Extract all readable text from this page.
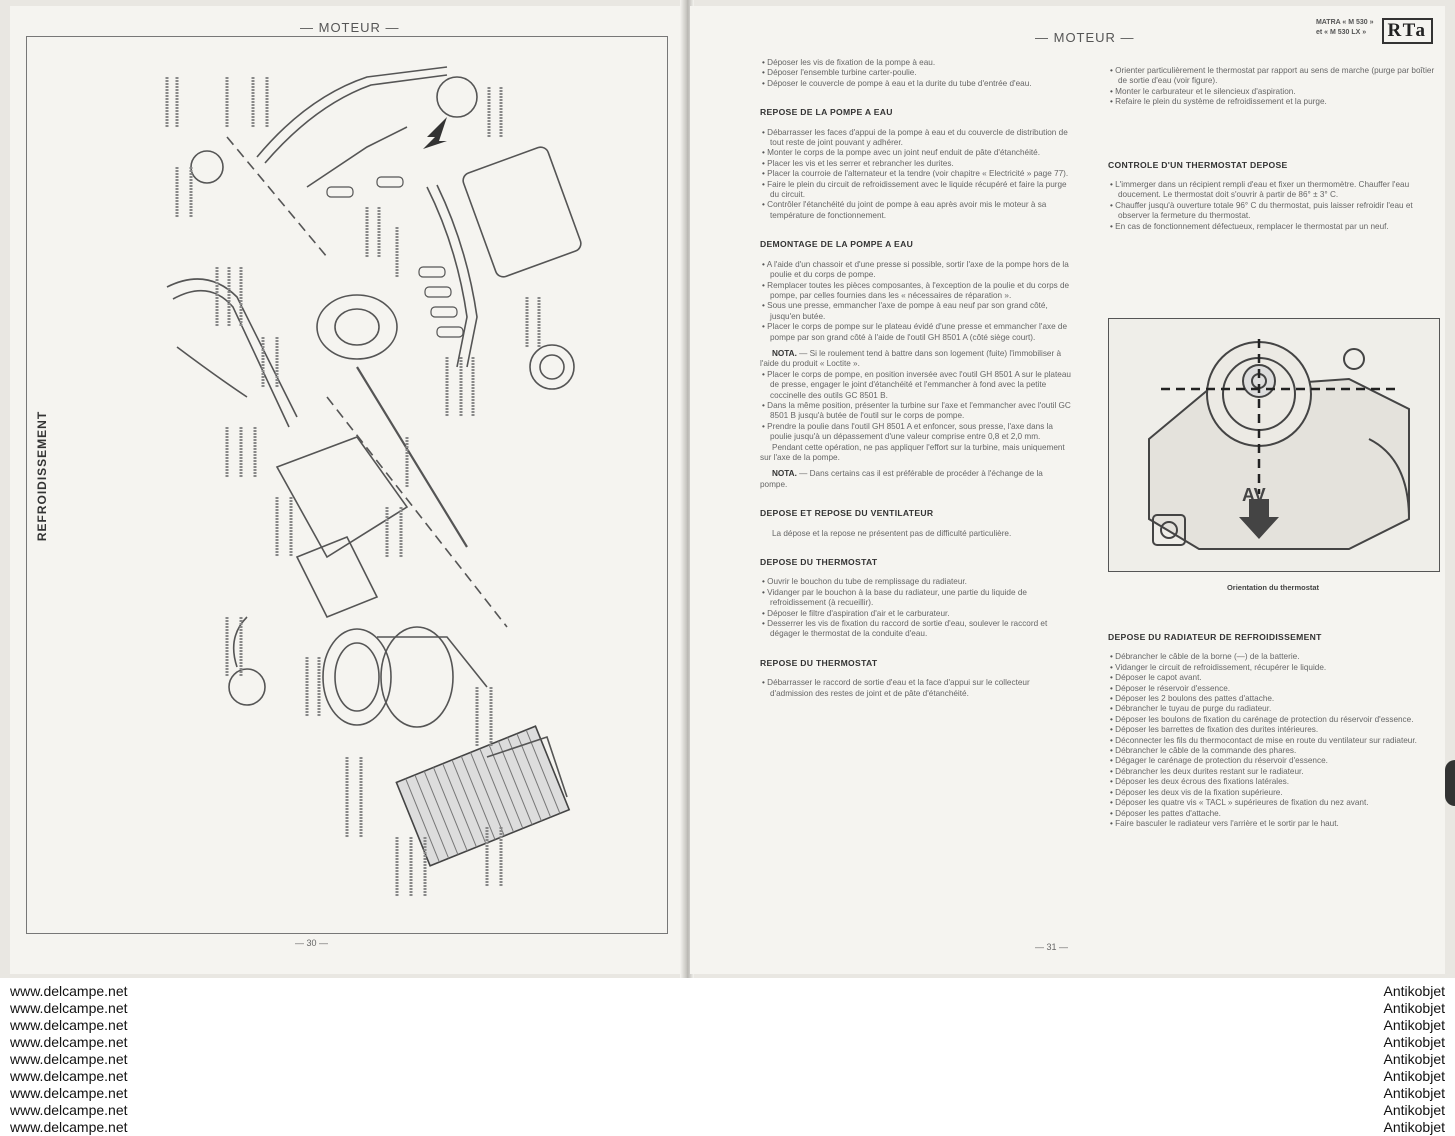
— MOTEUR —
REFROIDISSEMENT
— 30 —
— MOTEUR —
MATRA « M 530 »
et « M 530 LX »	RTa
— 31 —

• Déposer les vis de fixation de la pompe à eau.

• Déposer l'ensemble turbine carter-poulie.

• Déposer le couvercle de pompe à eau et la durite du tube d'entrée d'eau.

REPOSE DE LA POMPE A EAU

• Débarrasser les faces d'appui de la pompe à eau et du couvercle de distribution de tout reste de joint pouvant y adhérer.

• Monter le corps de la pompe avec un joint neuf enduit de pâte d'étanchéité.

• Placer les vis et les serrer et rebrancher les durites.

• Placer la courroie de l'alternateur et la tendre (voir chapitre « Electricité » page 77).

• Faire le plein du circuit de refroidissement avec le liquide récupéré et faire la purge du circuit.

• Contrôler l'étanchéité du joint de pompe à eau après avoir mis le moteur à sa température de fonctionnement.

DEMONTAGE DE LA POMPE A EAU

• A l'aide d'un chassoir et d'une presse si possible, sortir l'axe de la pompe hors de la poulie et du corps de pompe.

• Remplacer toutes les pièces composantes, à l'exception de la poulie et du corps de pompe, par celles fournies dans les « nécessaires de réparation ».

• Sous une presse, emmancher l'axe de pompe à eau neuf par son grand côté, jusqu'en butée.

• Placer le corps de pompe sur le plateau évidé d'une presse et emmancher l'axe de pompe par son grand côté à l'aide de l'outil GH 8501 A (côté siège court).

NOTA. — Si le roulement tend à battre dans son logement (fuite) l'immobiliser à l'aide du produit « Loctite ».

• Placer le corps de pompe, en position inversée avec l'outil GH 8501 A sur le plateau de presse, engager le joint d'étanchéité et l'emmancher à fond avec la petite coccinelle des outils GC 8501 B.

• Dans la même position, présenter la turbine sur l'axe et l'emmancher avec l'outil GC 8501 B jusqu'à butée de l'outil sur le corps de pompe.

• Prendre la poulie dans l'outil GH 8501 A et enfoncer, sous presse, l'axe dans la poulie jusqu'à un dépassement d'une valeur comprise entre 0,8 et 2,0 mm.

Pendant cette opération, ne pas appliquer l'effort sur la turbine, mais uniquement sur l'axe de la pompe.

NOTA. — Dans certains cas il est préférable de procéder à l'échange de la pompe.

DEPOSE ET REPOSE DU VENTILATEUR

La dépose et la repose ne présentent pas de difficulté particulière.

DEPOSE DU THERMOSTAT

• Ouvrir le bouchon du tube de remplissage du radiateur.

• Vidanger par le bouchon à la base du radiateur, une partie du liquide de refroidissement (à recueillir).

• Déposer le filtre d'aspiration d'air et le carburateur.

• Desserrer les vis de fixation du raccord de sortie d'eau, soulever le raccord et dégager le thermostat de la conduite d'eau.

REPOSE DU THERMOSTAT

• Débarrasser le raccord de sortie d'eau et la face d'appui sur le collecteur d'admission des restes de joint et de pâte d'étanchéité.

• Orienter particulièrement le thermostat par rapport au sens de marche (purge par boîtier de sortie d'eau (voir figure).

• Monter le carburateur et le silencieux d'aspiration.

• Refaire le plein du système de refroidissement et la purge.

CONTROLE D'UN THERMOSTAT DEPOSE

• L'immerger dans un récipient rempli d'eau et fixer un thermomètre. Chauffer l'eau doucement. Le thermostat doit s'ouvrir à partir de 86° ± 3° C.

• Chauffer jusqu'à ouverture totale 96° C du thermostat, puis laisser refroidir l'eau et observer la fermeture du thermostat.

• En cas de fonctionnement défectueux, remplacer le thermostat par un neuf.

AV
Orientation du thermostat

DEPOSE DU RADIATEUR DE REFROIDISSEMENT

• Débrancher le câble de la borne (—) de la batterie.

• Vidanger le circuit de refroidissement, récupérer le liquide.

• Déposer le capot avant.

• Déposer le réservoir d'essence.

• Déposer les 2 boulons des pattes d'attache.

• Débrancher le tuyau de purge du radiateur.

• Déposer les boulons de fixation du carénage de protection du réservoir d'essence.

• Déposer les barrettes de fixation des durites intérieures.

• Déconnecter les fils du thermocontact de mise en route du ventilateur sur radiateur.

• Débrancher le câble de la commande des phares.

• Dégager le carénage de protection du réservoir d'essence.

• Débrancher les deux durites restant sur le radiateur.

• Déposer les deux écrous des fixations latérales.

• Déposer les deux vis de la fixation supérieure.

• Déposer les quatre vis « TACL » supérieures de fixation du nez avant.

• Déposer les pattes d'attache.

• Faire basculer le radiateur vers l'arrière et le sortir par le haut.

www.delcampe.net
www.delcampe.net
www.delcampe.net
www.delcampe.net
www.delcampe.net
www.delcampe.net
www.delcampe.net
www.delcampe.net
www.delcampe.net
Antikobjet
Antikobjet
Antikobjet
Antikobjet
Antikobjet
Antikobjet
Antikobjet
Antikobjet
Antikobjet
